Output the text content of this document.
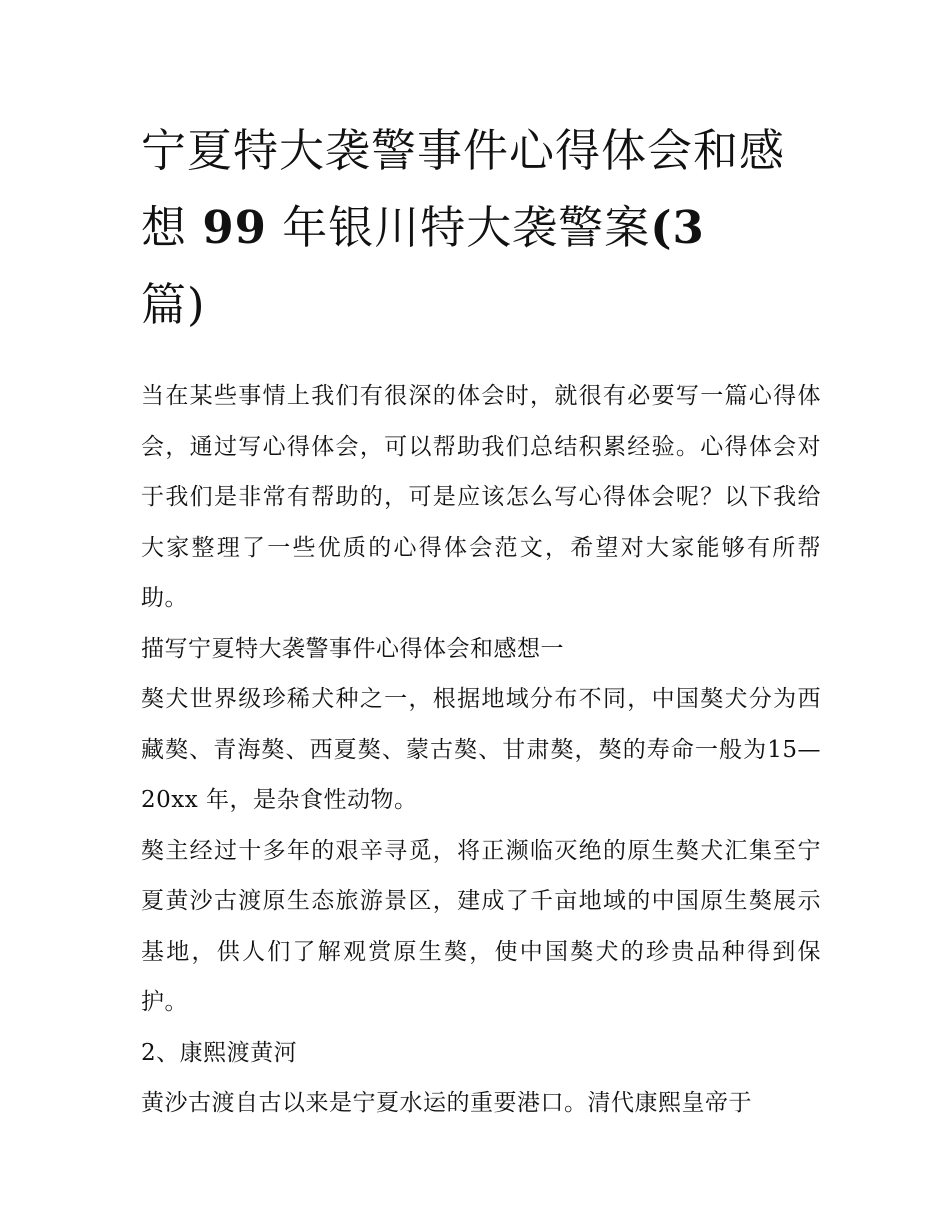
宁夏特大袭警事件心得体会和感想 99 年银川特大袭警案(3
篇)

当在某些事情上我们有很深的体会时，就很有必要写一篇心得体会，通过写心得体会，可以帮助我们总结积累经验。心得体会对于我们是非常有帮助的，可是应该怎么写心得体会呢？以下我给大家整理了一些优质的心得体会范文，希望对大家能够有所帮助。

描写宁夏特大袭警事件心得体会和感想一

獒犬世界级珍稀犬种之一，根据地域分布不同，中国獒犬分为西藏獒、青海獒、西夏獒、蒙古獒、甘肃獒，獒的寿命一般为15—20xx 年，是杂食性动物。

獒主经过十多年的艰辛寻觅，将正濒临灭绝的原生獒犬汇集至宁夏黄沙古渡原生态旅游景区，建成了千亩地域的中国原生獒展示基地，供人们了解观赏原生獒，使中国獒犬的珍贵品种得到保护。

2、康熙渡黄河

黄沙古渡自古以来是宁夏水运的重要港口。清代康熙皇帝于
